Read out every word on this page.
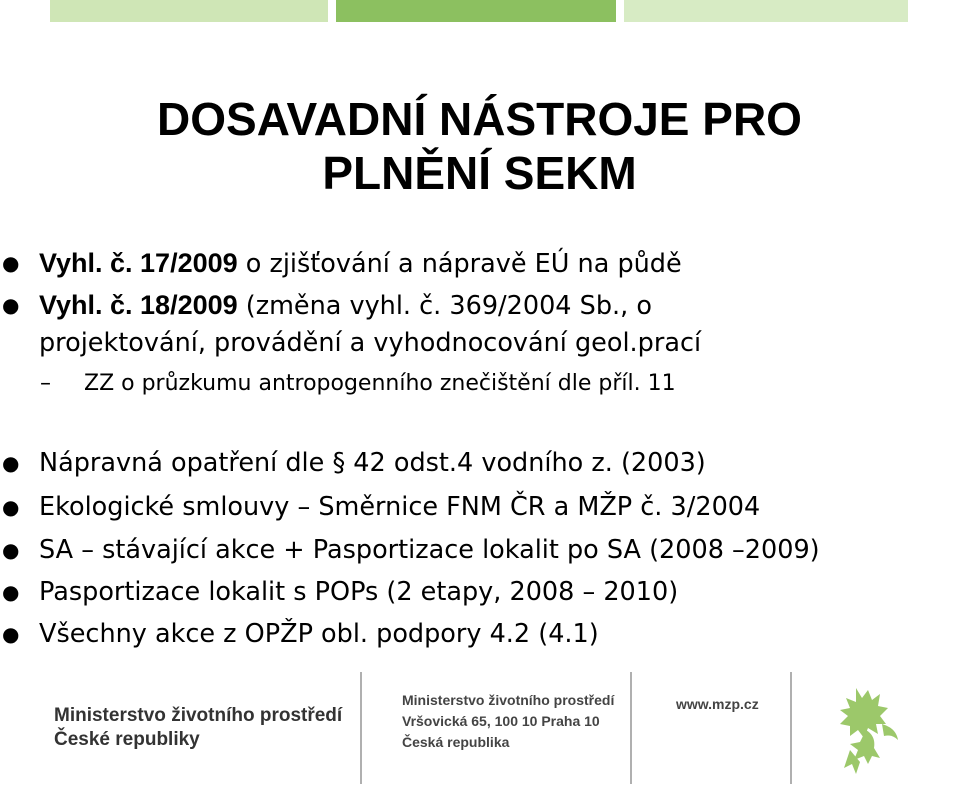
DOSAVADNÍ NÁSTROJE PRO
PLNĚNÍ SEKM
● Vyhl. č. 17/2009 o zjišťování a nápravě EÚ na půdě
● Vyhl. č. 18/2009 (změna vyhl. č. 369/2004 Sb., o
projektování, provádění a vyhodnocování geol.prací
– ZZ o průzkumu antropogenního znečištění dle příl. 11
● Nápravná opatření dle § 42 odst.4 vodního z. (2003)
● Ekologické smlouvy – Směrnice FNM ČR a MŽP č. 3/2004
● SA – stávající akce + Pasportizace lokalit po SA (2008 –2009)
● Pasportizace lokalit s POPs (2 etapy, 2008 – 2010)
● Všechny akce z OPŽP obl. podpory 4.2 (4.1)
Ministerstvo životního prostředí
České republiky
Ministerstvo životního prostředí
Vršovická 65, 100 10 Praha 10
Česká republika
www.mzp.cz
